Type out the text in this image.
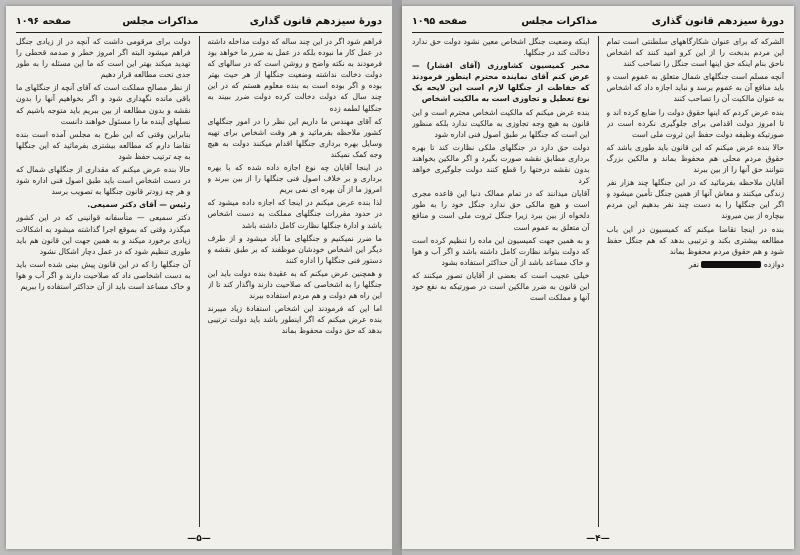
دورهٔ سیزدهم قانون گذاری
مذاکرات مجلس
صفحه ۱۰۹۶

فراهم شود اگر در این چند ساله که دولت مداخله داشته در عمل کار ما نبوده بلکه در عمل به ضرر ما خواهد بود فرمودند به نکته واضح و روشن است که در سالهای که دولت دخالت نداشته وضعیت جنگلها از هر حیث بهتر بوده و اگر بوده است به بنده معلوم هستم که در این چند سال که دولت دخالت کرده دولت ضرر ببیند به جنگلها لطمه زده

که آقای مهندس ما داریم این نظر را در امور جنگلهای کشور ملاحظه بفرمائید و هر وقت اشخاص برای تهیه وسایل بهره برداری جنگلها اقدام میکنند دولت به هیچ وجه کمک نمیکند

در اینجا آقایان چه نوع اجازه داده شده که با بهره برداری و بر خلاف اصول فنی جنگلها را از بین ببرند و امروز ما از آن بهره ای نمی بریم

لذا بنده عرض میکنم در اینجا که اجازه داده میشود که در حدود مقررات جنگلهای مملکت به دست اشخاص باشد و ادارهٔ جنگلها نظارت کامل داشته باشد

ما ضرر نمیکنیم و جنگلهای ما آباد میشود و از طرف دیگر این اشخاص خودشان موظفند که بر طبق نقشه و دستور فنی جنگلها را اداره کنند

و همچنین عرض میکنم که به عقیدهٔ بنده دولت باید این جنگلها را به اشخاصی که صلاحیت دارند واگذار کند تا از این راه هم دولت و هم مردم استفاده ببرند

اما این که فرمودند این اشخاص استفادهٔ زیاد میبرند بنده عرض میکنم که اگر اینطور باشد باید دولت ترتیبی بدهد که حق دولت محفوظ بماند

دولت برای مرقومی داشت که آنچه در از زیادی جنگل فراهم میشود البته اگر امروز خطر و صدمه قحطی را تهدید میکند بهتر این است که ما این مسئله را به طور جدی تحت مطالعه قرار دهیم

از نظر مصالح مملکت است که آقای آنچه از جنگلهای ما باقی مانده نگهداری شود و اگر بخواهیم آنها را بدون نقشه و بدون مطالعه از بین ببریم باید متوجه باشیم که نسلهای آینده ما را مسئول خواهند دانست

بنابراین وقتی که این طرح به مجلس آمده است بنده تقاضا دارم که مطالعه بیشتری بفرمائید که این جنگلها به چه ترتیب حفظ شود

حالا بنده عرض میکنم که مقداری از جنگلهای شمال که در دست اشخاص است باید طبق اصول فنی اداره شود و هر چه زودتر قانون جنگلها به تصویب برسد

رئیس — آقای دکتر سمیعی.

دکتر سمیعی — متأسفانه قوانینی که در این کشور میگذرد وقتی که بموقع اجرا گذاشته میشود به اشکالات زیادی برخورد میکند و به همین جهت این قانون هم باید طوری تنظیم شود که در عمل دچار اشکال نشود

آن جنگلها را که در این قانون پیش بینی شده است باید به دست اشخاصی داد که صلاحیت دارند و اگر آب و هوا و خاک مساعد است باید از آن حداکثر استفاده را ببریم

—۵—
دورهٔ سیزدهم قانون گذاری
مذاکرات مجلس
صفحه ۱۰۹۵

الشرکه که برای عنوان شکارگاههای سلطنتی است تمام این مردم بدبخت را از این کرو امید کنند که اشخاص ناحق بنام اینکه حق اینها است جنگل را تصاحب کنند

آنچه مسلم است جنگلهای شمال متعلق به عموم است و باید منافع آن به عموم برسد و نباید اجازه داد که اشخاص به عنوان مالکیت آن را تصاحب کنند

بنده عرض کردم که اینها حقوق دولت را ضایع کرده اند و تا امروز دولت اقدامی برای جلوگیری نکرده است در صورتیکه وظیفه دولت حفظ این ثروت ملی است

حالا بنده عرض میکنم که این قانون باید طوری باشد که حقوق مردم محلی هم محفوظ بماند و مالکین بزرگ نتوانند حق آنها را از بین ببرند

آقایان ملاحظه بفرمائید که در این جنگلها چند هزار نفر زندگی میکنند و معاش آنها از همین جنگل تأمین میشود و اگر این جنگلها را به دست چند نفر بدهیم این مردم بیچاره از بین میروند

بنده در اینجا تقاضا میکنم که کمیسیون در این باب مطالعه بیشتری بکند و ترتیبی بدهد که هم جنگل حفظ شود و هم حقوق مردم محفوظ بماند

دوازده  نفر

اینکه وضعیت جنگل اشخاص معین نشود دولت حق ندارد دخالت کند در جنگلها.

مخبر کمیسیون کشاورزی (آقای افشار) — عرض کنم آقای نماینده محترم اینطور فرمودند که حفاظت از جنگلها لازم است این لایحه یک نوع تعطیل و تجاوزی است به مالکیت اشخاص

بنده عرض میکنم که مالکیت اشخاص محترم است و این قانون به هیچ وجه تجاوزی به مالکیت ندارد بلکه منظور این است که جنگلها بر طبق اصول فنی اداره شود

دولت حق دارد در جنگلهای ملکی نظارت کند تا بهره برداری مطابق نقشه صورت بگیرد و اگر مالکین بخواهند بدون نقشه درختها را قطع کنند دولت جلوگیری خواهد کرد

آقایان میدانند که در تمام ممالک دنیا این قاعده مجری است و هیچ مالکی حق ندارد جنگل خود را به طور دلخواه از بین ببرد زیرا جنگل ثروت ملی است و منافع آن متعلق به عموم است

و به همین جهت کمیسیون این ماده را تنظیم کرده است که دولت بتواند نظارت کامل داشته باشد و اگر آب و هوا و خاک مساعد باشد از آن حداکثر استفاده بشود

خیلی عجیب است که بعضی از آقایان تصور میکنند که این قانون به ضرر مالکین است در صورتیکه به نفع خود آنها و مملکت است

—۴—
